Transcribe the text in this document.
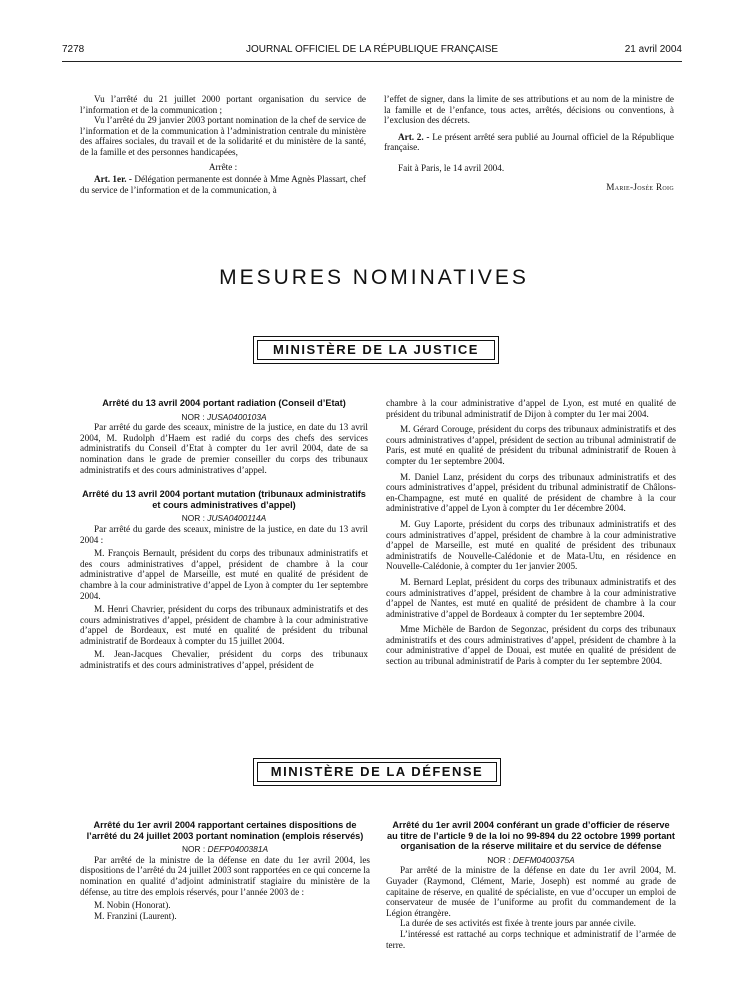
7278	JOURNAL OFFICIEL DE LA RÉPUBLIQUE FRANÇAISE	21 avril 2004

Vu l’arrêté du 21 juillet 2000 portant organisation du service de l’information et de la communication ;

Vu l’arrêté du 29 janvier 2003 portant nomination de la chef de service de l’information et de la communication à l’administration centrale du ministère des affaires sociales, du travail et de la solidarité et du ministère de la santé, de la famille et des personnes handicapées,

Arrête :

Art. 1er. - Délégation permanente est donnée à Mme Agnès Plassart, chef du service de l’information et de la communication, à

l’effet de signer, dans la limite de ses attributions et au nom de la ministre de la famille et de l’enfance, tous actes, arrêtés, décisions ou conventions, à l’exclusion des décrets.

Art. 2. - Le présent arrêté sera publié au Journal officiel de la République française.

Fait à Paris, le 14 avril 2004.

Marie-Josée Roig

MESURES NOMINATIVES
MINISTÈRE DE LA JUSTICE
Arrêté du 13 avril 2004 portant radiation (Conseil d’Etat)

NOR : JUSA0400103A

Par arrêté du garde des sceaux, ministre de la justice, en date du 13 avril 2004, M. Rudolph d’Haem est radié du corps des chefs des services administratifs du Conseil d’Etat à compter du 1er avril 2004, date de sa nomination dans le grade de premier conseiller du corps des tribunaux administratifs et des cours administratives d’appel.

Arrêté du 13 avril 2004 portant mutation (tribunaux administratifs et cours administratives d’appel)

NOR : JUSA0400114A

Par arrêté du garde des sceaux, ministre de la justice, en date du 13 avril 2004 :

M. François Bernault, président du corps des tribunaux administratifs et des cours administratives d’appel, président de chambre à la cour administrative d’appel de Marseille, est muté en qualité de président de chambre à la cour administrative d’appel de Lyon à compter du 1er septembre 2004.

M. Henri Chavrier, président du corps des tribunaux administratifs et des cours administratives d’appel, président de chambre à la cour administrative d’appel de Bordeaux, est muté en qualité de président du tribunal administratif de Bordeaux à compter du 15 juillet 2004.

M. Jean-Jacques Chevalier, président du corps des tribunaux administratifs et des cours administratives d’appel, président de

chambre à la cour administrative d’appel de Lyon, est muté en qualité de président du tribunal administratif de Dijon à compter du 1er mai 2004.

M. Gérard Corouge, président du corps des tribunaux administratifs et des cours administratives d’appel, président de section au tribunal administratif de Paris, est muté en qualité de président du tribunal administratif de Rouen à compter du 1er septembre 2004.

M. Daniel Lanz, président du corps des tribunaux administratifs et des cours administratives d’appel, président du tribunal administratif de Châlons-en-Champagne, est muté en qualité de président de chambre à la cour administrative d’appel de Lyon à compter du 1er décembre 2004.

M. Guy Laporte, président du corps des tribunaux administratifs et des cours administratives d’appel, président de chambre à la cour administrative d’appel de Marseille, est muté en qualité de président des tribunaux administratifs de Nouvelle-Calédonie et de Mata-Utu, en résidence en Nouvelle-Calédonie, à compter du 1er janvier 2005.

M. Bernard Leplat, président du corps des tribunaux administratifs et des cours administratives d’appel, président de chambre à la cour administrative d’appel de Nantes, est muté en qualité de président de chambre à la cour administrative d’appel de Bordeaux à compter du 1er septembre 2004.

Mme Michèle de Bardon de Segonzac, président du corps des tribunaux administratifs et des cours administratives d’appel, président de chambre à la cour administrative d’appel de Douai, est mutée en qualité de président de section au tribunal administratif de Paris à compter du 1er septembre 2004.

MINISTÈRE DE LA DÉFENSE
Arrêté du 1er avril 2004 rapportant certaines dispositions de l’arrêté du 24 juillet 2003 portant nomination (emplois réservés)

NOR : DEFP0400381A

Par arrêté de la ministre de la défense en date du 1er avril 2004, les dispositions de l’arrêté du 24 juillet 2003 sont rapportées en ce qui concerne la nomination en qualité d’adjoint administratif stagiaire du ministère de la défense, au titre des emplois réservés, pour l’année 2003 de :

M. Nobin (Honorat).

M. Franzini (Laurent).

Arrêté du 1er avril 2004 conférant un grade d’officier de réserve au titre de l’article 9 de la loi no 99-894 du 22 octobre 1999 portant organisation de la réserve militaire et du service de défense

NOR : DEFM0400375A

Par arrêté de la ministre de la défense en date du 1er avril 2004, M. Guyader (Raymond, Clément, Marie, Joseph) est nommé au grade de capitaine de réserve, en qualité de spécialiste, en vue d’occuper un emploi de conservateur de musée de l’uniforme au profit du commandement de la Légion étrangère.

La durée de ses activités est fixée à trente jours par année civile.

L’intéressé est rattaché au corps technique et administratif de l’armée de terre.
